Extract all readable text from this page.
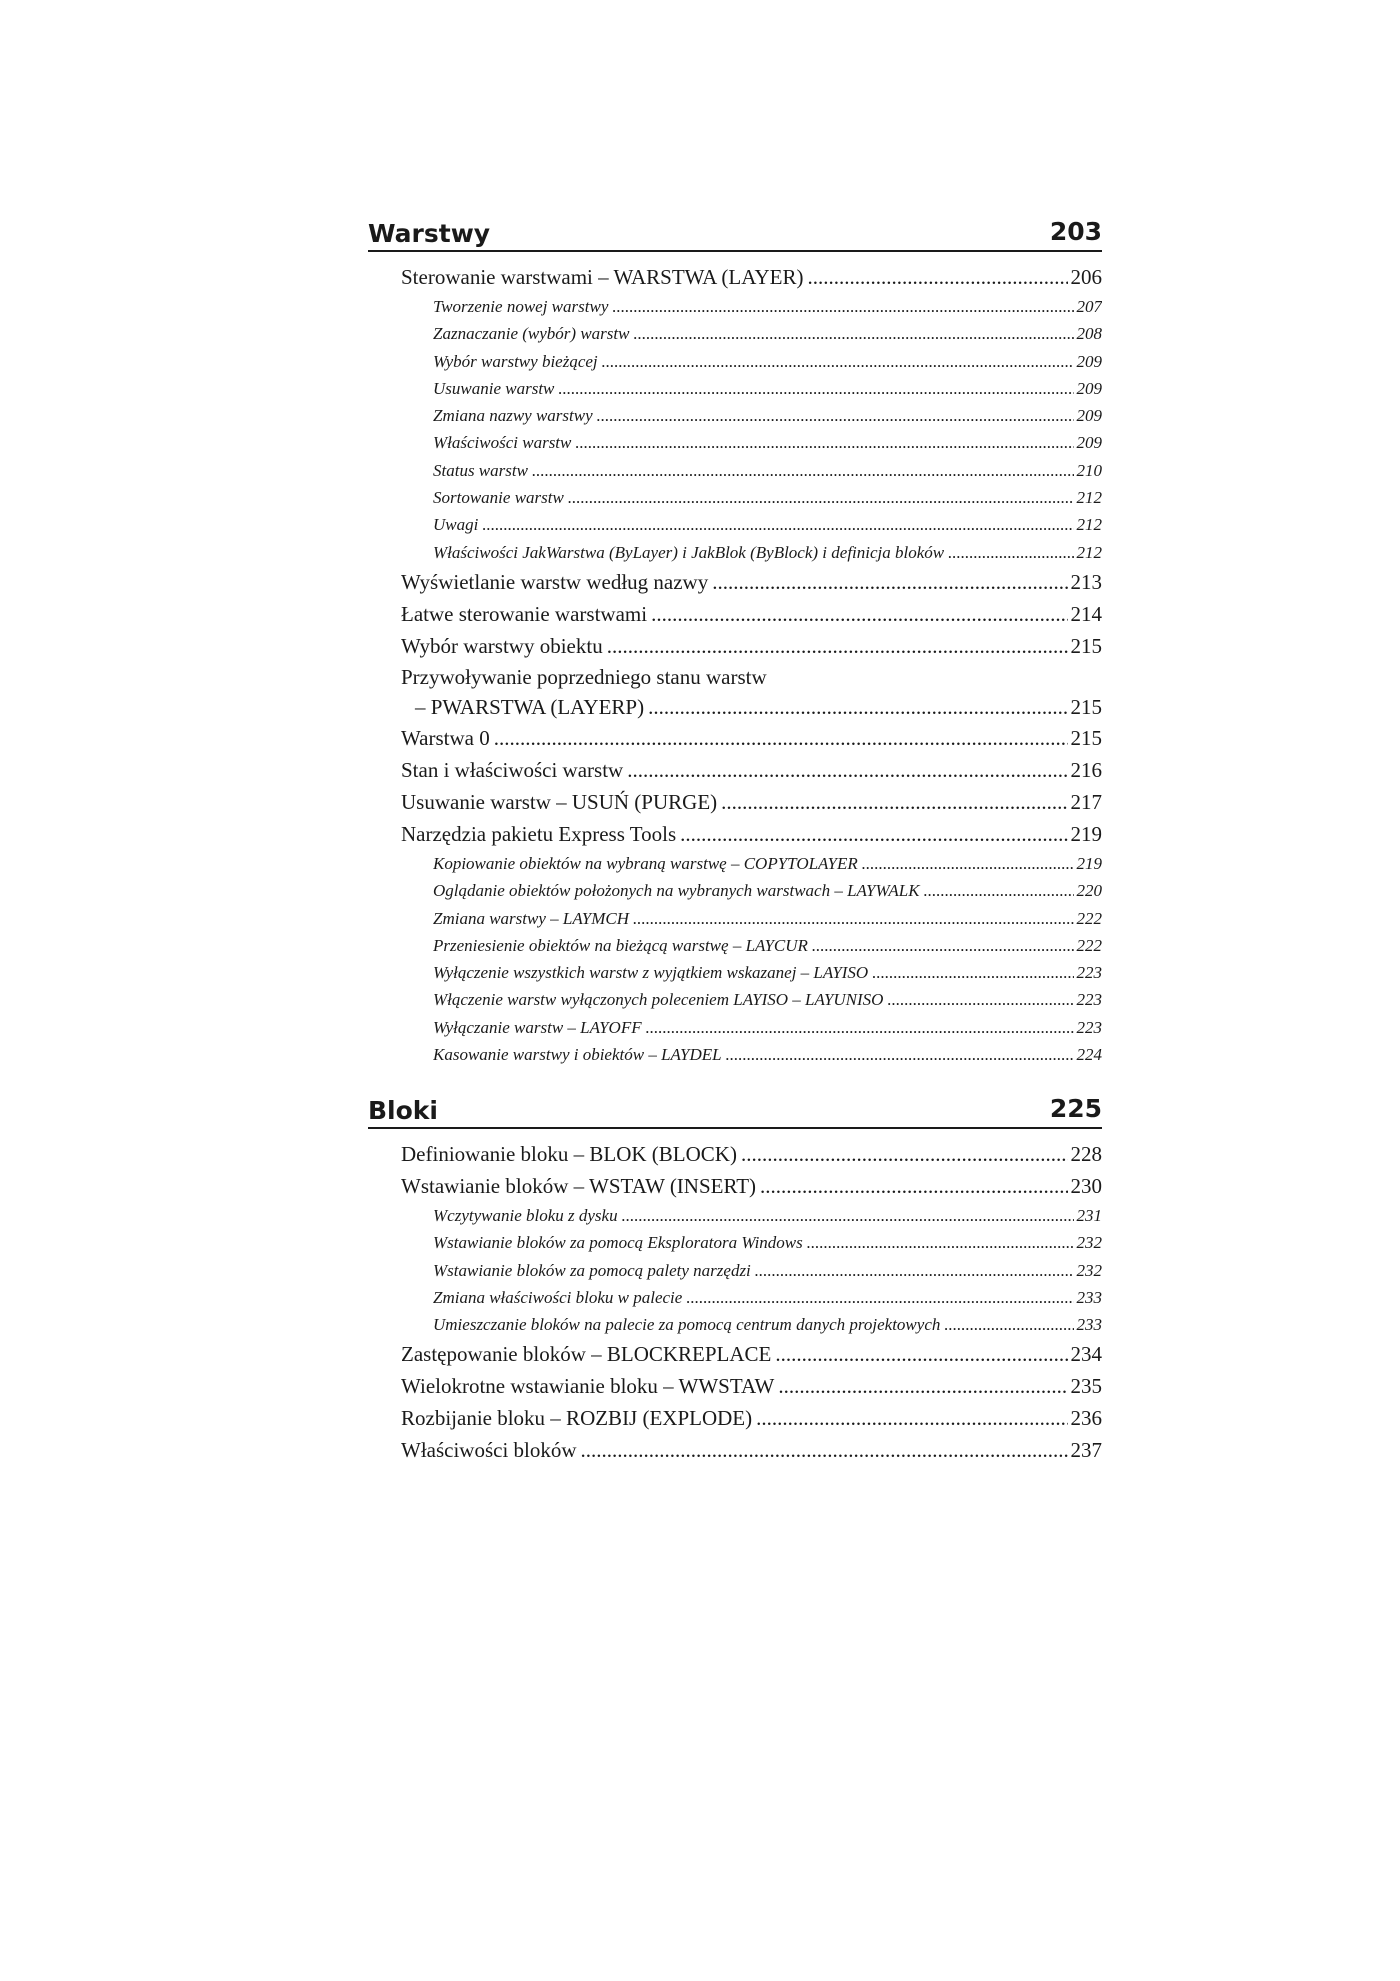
Warstwy	203
Sterowanie warstwami – WARSTWA (LAYER) .....	206
Tworzenie nowej warstwy .....	207
Zaznaczanie (wybór) warstw .....	208
Wybór warstwy bieżącej .....	209
Usuwanie warstw .....	209
Zmiana nazwy warstwy .....	209
Właściwości warstw .....	209
Status warstw .....	210
Sortowanie warstw .....	212
Uwagi .....	212
Właściwości JakWarstwa (ByLayer) i JakBlok (ByBlock) i definicja bloków .....	212
Wyświetlanie warstw według nazwy .....	213
Łatwe sterowanie warstwami .....	214
Wybór warstwy obiektu .....	215
Przywoływanie poprzedniego stanu warstw
– PWARSTWA (LAYERP) .....	215
Warstwa 0 .....	215
Stan i właściwości warstw .....	216
Usuwanie warstw – USUŃ (PURGE) .....	217
Narzędzia pakietu Express Tools .....	219
Kopiowanie obiektów na wybraną warstwę – COPYTOLAYER .....	219
Oglądanie obiektów położonych na wybranych warstwach – LAYWALK .....	220
Zmiana warstwy – LAYMCH .....	222
Przeniesienie obiektów na bieżącą warstwę – LAYCUR .....	222
Wyłączenie wszystkich warstw z wyjątkiem wskazanej – LAYISO .....	223
Włączenie warstw wyłączonych poleceniem LAYISO – LAYUNISO .....	223
Wyłączanie warstw – LAYOFF .....	223
Kasowanie warstwy i obiektów – LAYDEL .....	224
Bloki	225
Definiowanie bloku – BLOK (BLOCK) .....	228
Wstawianie bloków – WSTAW (INSERT) .....	230
Wczytywanie bloku z dysku .....	231
Wstawianie bloków za pomocą Eksploratora Windows .....	232
Wstawianie bloków za pomocą palety narzędzi .....	232
Zmiana właściwości bloku w palecie .....	233
Umieszczanie bloków na palecie za pomocą centrum danych projektowych .....	233
Zastępowanie bloków – BLOCKREPLACE .....	234
Wielokrotne wstawianie bloku – WWSTAW .....	235
Rozbijanie bloku – ROZBIJ (EXPLODE) .....	236
Właściwości bloków .....	237
